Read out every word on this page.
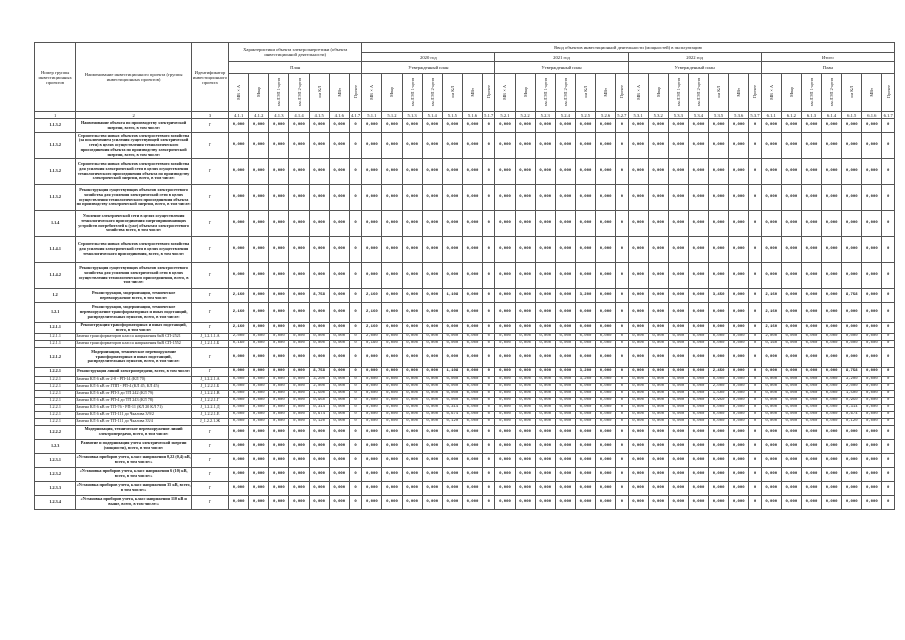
Номер группы инвестиционных проектов	Наименование инвестиционного проекта (группы инвестиционных проектов)	Идентификатор инвестиционного проекта	Характеристики объекта электроэнергетики (объекта инвестиционной деятельности)							Ввод объектов инвестиционной деятельности (мощностей) в эксплуатацию																											
										2020 год							2021 год							2022 год							Итого						
			План							Утвержденный план							Утвержденный план							Утвержденный план							План						
			МВ×А	Мвар	км ЛЭП 1-цепн	км ЛЭП 2-цепн	км КЛ	МВт	Прочее	МВ×А	Мвар	км ЛЭП 1-цепн	км ЛЭП 2-цепн	км КЛ	МВт	Прочее	МВ×А	Мвар	км ЛЭП 1-цепн	км ЛЭП 2-цепн	км КЛ	МВт	Прочее	МВ×А	Мвар	км ЛЭП 1-цепн	км ЛЭП 2-цепн	км КЛ	МВт	Прочее	МВ×А	Мвар	км ЛЭП 1-цепн	км ЛЭП 2-цепн	км КЛ	МВт	Прочее
1	2	3	4.1.1	4.1.2	4.1.3	4.1.4	4.1.5	4.1.6	4.1.7	5.1.1	5.1.2	5.1.3	5.1.4	5.1.5	5.1.6	5.1.7	5.2.1	5.2.2	5.2.3	5.2.4	5.2.5	5.2.6	5.2.7	5.3.1	5.3.2	5.3.3	5.3.4	5.3.5	5.3.6	5.3.7	6.1.1	6.1.2	6.1.3	6.1.4	6.1.5	6.1.6	6.1.7
1.1.3.2	Наименование объекта по производству электрической энергии, всего, в том числе:	Г	0,000	0,000	0,000	0,000	0,000	0,000	0	0,000	0,000	0,000	0,000	0,000	0,000	0	0,000	0,000	0,000	0,000	0,000	0,000	0	0,000	0,000	0,000	0,000	0,000	0,000	0	0,000	0,000	0,000	0,000	0,000	0,000	0
1.1.3.2	Строительство новых объектов электросетевого хозяйства (за исключением усиления существующей электрической сети) в целях осуществления технологического присоединения объекта по производству электрической энергии, всего, в том числе:	Г	0,000	0,000	0,000	0,000	0,000	0,000	0	0,000	0,000	0,000	0,000	0,000	0,000	0	0,000	0,000	0,000	0,000	0,000	0,000	0	0,000	0,000	0,000	0,000	0,000	0,000	0	0,000	0,000	0,000	0,000	0,000	0,000	0
1.1.3.2	Строительство новых объектов электросетевого хозяйства для усиления электрической сети в целях осуществления технологического присоединения объекта по производству электрической энергии, всего, в том числе:	Г	0,000	0,000	0,000	0,000	0,000	0,000	0	0,000	0,000	0,000	0,000	0,000	0,000	0	0,000	0,000	0,000	0,000	0,000	0,000	0	0,000	0,000	0,000	0,000	0,000	0,000	0	0,000	0,000	0,000	0,000	0,000	0,000	0
1.1.3.2	Реконструкция существующих объектов электросетевого хозяйства для усиления электрической сети в целях осуществления технологического присоединения объекта по производству электрической энергии, всего, в том числе:	Г	0,000	0,000	0,000	0,000	0,000	0,000	0	0,000	0,000	0,000	0,000	0,000	0,000	0	0,000	0,000	0,000	0,000	0,000	0,000	0	0,000	0,000	0,000	0,000	0,000	0,000	0	0,000	0,000	0,000	0,000	0,000	0,000	0
1.1.4	Усиление электрической сети в целях осуществления технологического присоединения энергопринимающих устройств потребителей к (уже) объектам электросетевого хозяйства всего, в том числе:	Г	0,000	0,000	0,000	0,000	0,000	0,000	0	0,000	0,000	0,000	0,000	0,000	0,000	0	0,000	0,000	0,000	0,000	0,000	0,000	0	0,000	0,000	0,000	0,000	0,000	0,000	0	0,000	0,000	0,000	0,000	0,000	0,000	0
1.1.4.1	Строительство новых объектов электросетевого хозяйства для усиления электрической сети в целях осуществления технологического присоединения, всего, в том числе:	Г	0,000	0,000	0,000	0,000	0,000	0,000	0	0,000	0,000	0,000	0,000	0,000	0,000	0	0,000	0,000	0,000	0,000	0,000	0,000	0	0,000	0,000	0,000	0,000	0,000	0,000	0	0,000	0,000	0,000	0,000	0,000	0,000	0
1.1.4.2	Реконструкция существующих объектов электросетевого хозяйства для усиления электрической сети в целях осуществления технологического присоединения, всего, в том числе:	Г	0,000	0,000	0,000	0,000	0,000	0,000	0	0,000	0,000	0,000	0,000	0,000	0,000	0	0,000	0,000	0,000	0,000	0,000	0,000	0	0,000	0,000	0,000	0,000	0,000	0,000	0	0,000	0,000	0,000	0,000	0,000	0,000	0
1.2	Реконструкция, модернизация, техническое перевооружение всего, в том числе:	Г	2,160	0,000	0,000	0,000	8,758	0,000	0	2,160	0,000	0,000	0,000	1,108	0,000	0	0,000	0,000	0,000	0,000	3,200	0,000	0	0,000	0,000	0,000	0,000	3,450	0,000	0	2,160	0,000	0,000	0,000	8,758	0,000	0
1.2.1	Реконструкция, модернизация, техническое перевооружение трансформаторных и иных подстанций, распределительных пунктов, всего, в том числе:	Г	2,160	0,000	0,000	0,000	0,000	0,000	0	2,160	0,000	0,000	0,000	0,000	0,000	0	0,000	0,000	0,000	0,000	0,000	0,000	0	0,000	0,000	0,000	0,000	0,000	0,000	0	2,160	0,000	0,000	0,000	0,000	0,000	0
1.2.1.1	Реконструкция трансформаторных и иных подстанций, всего, в том числе:	Г	2,160	0,000	0,000	0,000	0,000	0,000	0	2,160	0,000	0,000	0,000	0,000	0,000	0	0,000	0,000	0,000	0,000	0,000	0,000	0	0,000	0,000	0,000	0,000	0,000	0,000	0	2,160	0,000	0,000	0,000	0,000	0,000	0
1.2.1.1	Замена трансформаторов класса напряжения 6кВ СП-2521	J_1.2.1.1.А	2,000	0,000	0,000	0,000	0,000	0,000	0	2,000	0,000	0,000	0,000	0,000	0,000	0	0,000	0,000	0,000	0,000	0,000	0,000	0	0,000	0,000	0,000	0,000	0,000	0,000	0	2,000	0,000	0,000	0,000	0,000	0,000	0
1.2.1.1	Замена трансформаторов класса напряжения 6кВ СП-1552	J_1.2.1.1.Б	0,160	0,000	0,000	0,000	0,000	0,000	0	0,160	0,000	0,000	0,000	0,000	0,000	0	0,000	0,000	0,000	0,000	0,000	0,000	0	0,000	0,000	0,000	0,000	0,000	0,000	0	0,160	0,000	0,000	0,000	0,000	0,000	0
1.2.1.2	Модернизация, техническое перевооружение трансформаторных и иных подстанций, распределительных пунктов, всего, в том числе:	Г	0,000	0,000	0,000	0,000	0,000	0,000	0	0,000	0,000	0,000	0,000	0,000	0,000	0	0,000	0,000	0,000	0,000	0,000	0,000	0	0,000	0,000	0,000	0,000	0,000	0,000	0	0,000	0,000	0,000	0,000	0,000	0,000	0
1.2.2.1	Реконструкция линий электропередачи, всего, в том числе:	Г	0,000	0,000	0,000	0,000	8,758	0,000	0	0,000	0,000	0,000	0,000	1,108	0,000	0	0,000	0,000	0,000	0,000	3,200	0,000	0	0,000	0,000	0,000	0,000	2,450	0,000	0	0,000	0,000	0,000	0,000	8,758	0,000	0
1.2.2.1	Замена КЛ 6 кВ от 2-8 - РП-14 (КЛ 70)	J_1.2.2.1.А	0,000	0,000	0,000	0,000	3,200	0,000	0	0,000	0,000	0,000	0,000	0,000	0,000	0	0,000	0,000	0,000	0,000	3,200	0,000	0	0,000	0,000	0,000	0,000	0,000	0,000	0	0,000	0,000	0,000	0,000	3,200	0,000	0
1.2.2.1	Замена КЛ 6 кВ от ГПП - РП-4 (КЛ 45, КЛ 45)	J_1.2.2.1.Б	0,000	0,000	0,000	0,000	2,000	0,000	0	0,000	0,000	0,000	0,000	0,000	0,000	0	0,000	0,000	0,000	0,000	0,000	0,000	0	0,000	0,000	0,000	0,000	2,000	0,000	0	0,000	0,000	0,000	0,000	2,000	0,000	0
1.2.2.1	Замена КЛ 6 кВ от РП-3 до ТП 242 (КЛ 79)	J_1.2.2.1.В	0,000	0,000	0,000	0,000	1,500	0,000	0	0,000	0,000	0,000	0,000	0,000	0,000	0	0,000	0,000	0,000	0,000	0,000	0,000	0	0,000	0,000	0,000	0,000	1,500	0,000	0	0,000	0,000	0,000	0,000	1,500	0,000	0
1.2.2.1	Замена КЛ 6 кВ от РП-4 до ТП 243 (КЛ 78)	J_1.2.2.1.Г	0,000	0,000	0,000	0,000	0,950	0,000	0	0,000	0,000	0,000	0,000	0,000	0,000	0	0,000	0,000	0,000	0,000	0,000	0,000	0	0,000	0,000	0,000	0,000	0,950	0,000	0	0,000	0,000	0,000	0,000	0,950	0,000	0
1.2.2.1	Замена КЛ 6 кВ от ТП-76 - РП-11 (КЛ 20 КЛ 71)	J_1.2.2.1.Д	0,000	0,000	0,000	0,000	0,314	0,000	0	0,000	0,000	0,000	0,000	0,314	0,000	0	0,000	0,000	0,000	0,000	0,000	0,000	0	0,000	0,000	0,000	0,000	0,000	0,000	0	0,000	0,000	0,000	0,000	0,314	0,000	0
1.2.2.1	Замена КЛ 6 кВ от ТП-111 до Чкалова 3/9/2	J_1.2.2.1.Е	0,000	0,000	0,000	0,000	0,674	0,000	0	0,000	0,000	0,000	0,000	0,674	0,000	0	0,000	0,000	0,000	0,000	0,000	0,000	0	0,000	0,000	0,000	0,000	0,000	0,000	0	0,000	0,000	0,000	0,000	0,674	0,000	0
1.2.2.1	Замена КЛ 6 кВ от ТП-111 до Чкалова 33/4	J_1.2.2.1.Ж	0,000	0,000	0,000	0,000	0,120	0,000	0	0,000	0,000	0,000	0,000	0,120	0,000	0	0,000	0,000	0,000	0,000	0,000	0,000	0	0,000	0,000	0,000	0,000	0,000	0,000	0	0,000	0,000	0,000	0,000	0,120	0,000	0
1.2.2.2	Модернизация, техническое перевооружение линий электропередачи, всего, в том числе:	Г	0,000	0,000	0,000	0,000	0,000	0,000	0	0,000	0,000	0,000	0,000	0,000	0,000	0	0,000	0,000	0,000	0,000	0,000	0,000	0	0,000	0,000	0,000	0,000	0,000	0,000	0	0,000	0,000	0,000	0,000	0,000	0,000	0
1.2.3	Развитие и модернизация учета электрической энергии (мощности), всего, в том числе:	Г	0,000	0,000	0,000	0,000	0,000	0,000	0	0,000	0,000	0,000	0,000	0,000	0,000	0	0,000	0,000	0,000	0,000	0,000	0,000	0	0,000	0,000	0,000	0,000	0,000	0,000	0	0,000	0,000	0,000	0,000	0,000	0,000	0
1.2.3.1	«Установка приборов учета, класс напряжения 0,22 (0,4) кВ, всего, в том числе:»	Г	0,000	0,000	0,000	0,000	0,000	0,000	0	0,000	0,000	0,000	0,000	0,000	0,000	0	0,000	0,000	0,000	0,000	0,000	0,000	0	0,000	0,000	0,000	0,000	0,000	0,000	0	0,000	0,000	0,000	0,000	0,000	0,000	0
1.2.3.2	«Установка приборов учета, класс напряжения 6 (10) кВ, всего, в том числе:»	Г	0,000	0,000	0,000	0,000	0,000	0,000	0	0,000	0,000	0,000	0,000	0,000	0,000	0	0,000	0,000	0,000	0,000	0,000	0,000	0	0,000	0,000	0,000	0,000	0,000	0,000	0	0,000	0,000	0,000	0,000	0,000	0,000	0
1.2.3.3	«Установка приборов учета, класс напряжения 35 кВ, всего, в том числе:»	Г	0,000	0,000	0,000	0,000	0,000	0,000	0	0,000	0,000	0,000	0,000	0,000	0,000	0	0,000	0,000	0,000	0,000	0,000	0,000	0	0,000	0,000	0,000	0,000	0,000	0,000	0	0,000	0,000	0,000	0,000	0,000	0,000	0
1.2.3.4	«Установка приборов учета, класс напряжения 110 кВ и выше, всего, в том числе:»	Г	0,000	0,000	0,000	0,000	0,000	0,000	0	0,000	0,000	0,000	0,000	0,000	0,000	0	0,000	0,000	0,000	0,000	0,000	0,000	0	0,000	0,000	0,000	0,000	0,000	0,000	0	0,000	0,000	0,000	0,000	0,000	0,000	0
